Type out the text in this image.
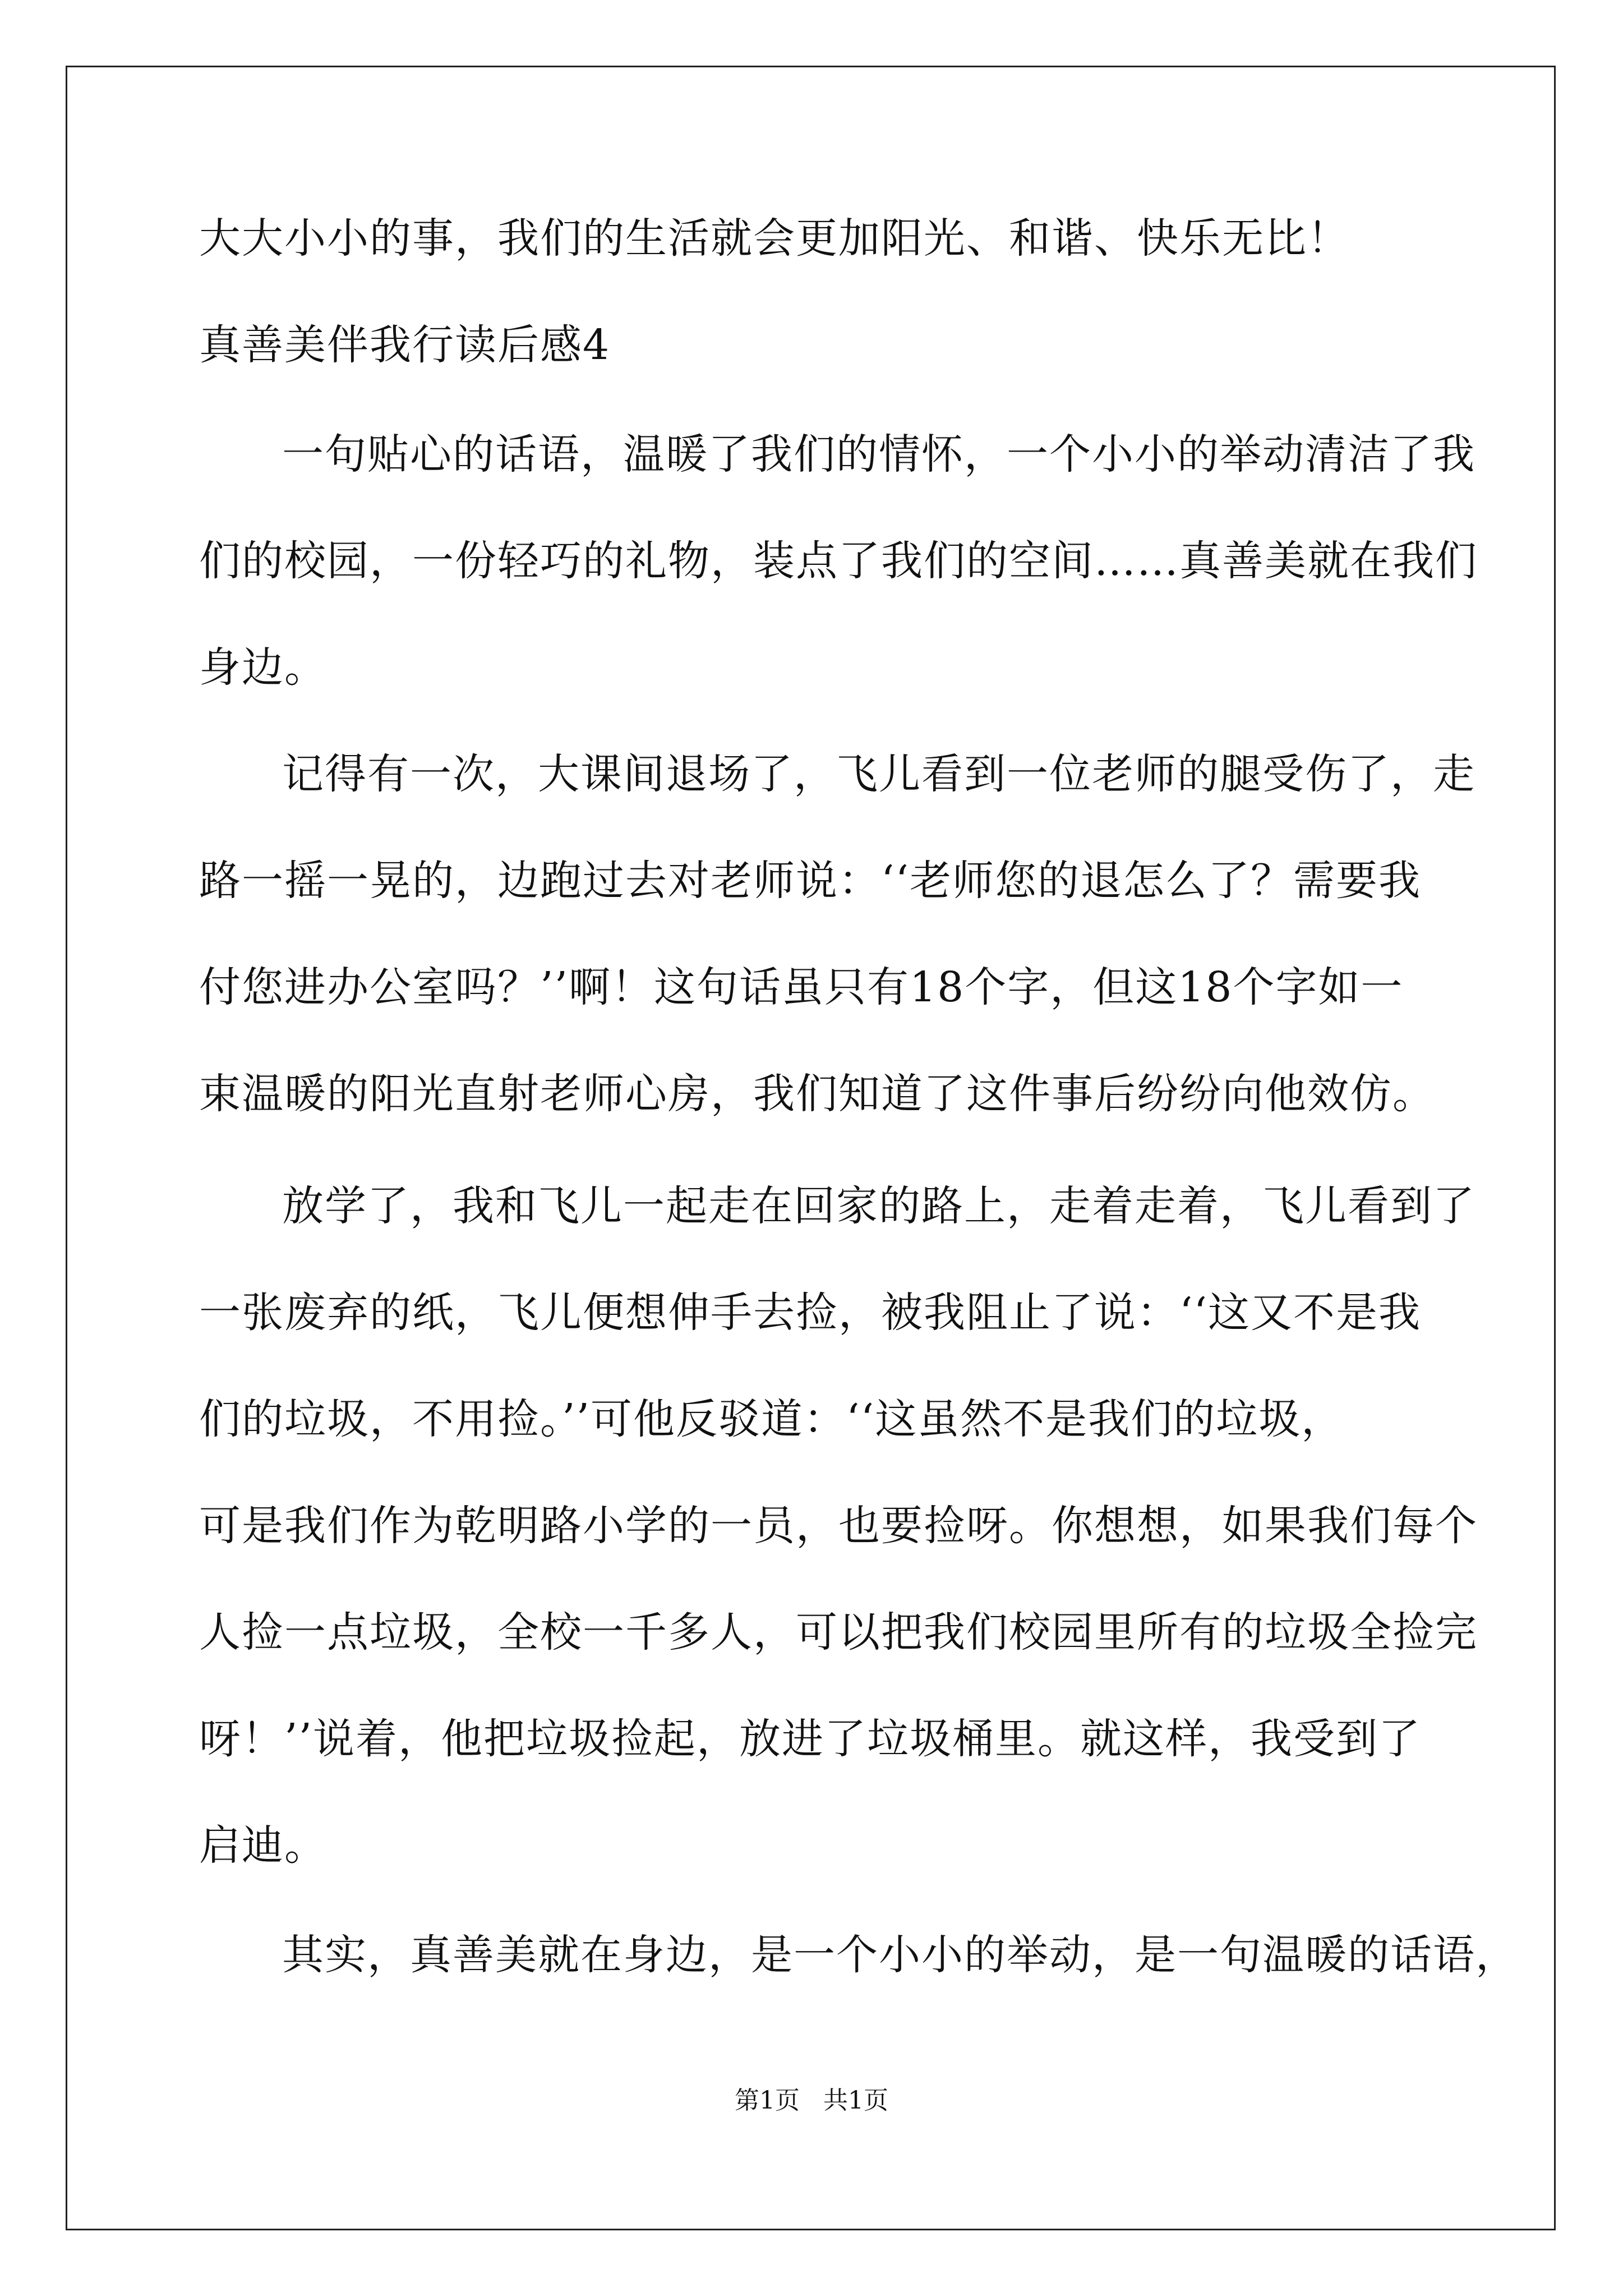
大大小小的事，我们的生活就会更加阳光、和谐、快乐无比！
真善美伴我行读后感4
一句贴心的话语，温暖了我们的情怀，一个小小的举动清洁了我
们的校园，一份轻巧的礼物，装点了我们的空间……真善美就在我们
身边。
记得有一次，大课间退场了，飞儿看到一位老师的腿受伤了，走
路一摇一晃的，边跑过去对老师说：‘‘老师您的退怎么了？需要我
付您进办公室吗？’’啊！这句话虽只有18个字，但这18个字如一
束温暖的阳光直射老师心房，我们知道了这件事后纷纷向他效仿。
放学了，我和飞儿一起走在回家的路上，走着走着，飞儿看到了
一张废弃的纸，飞儿便想伸手去捡，被我阻止了说：‘‘这又不是我
们的垃圾，不用捡。’’可他反驳道：‘‘这虽然不是我们的垃圾，
可是我们作为乾明路小学的一员，也要捡呀。你想想，如果我们每个
人捡一点垃圾，全校一千多人，可以把我们校园里所有的垃圾全捡完
呀！’’说着，他把垃圾捡起，放进了垃圾桶里。就这样，我受到了
启迪。
其实，真善美就在身边，是一个小小的举动，是一句温暖的话语，
第1页 共1页
